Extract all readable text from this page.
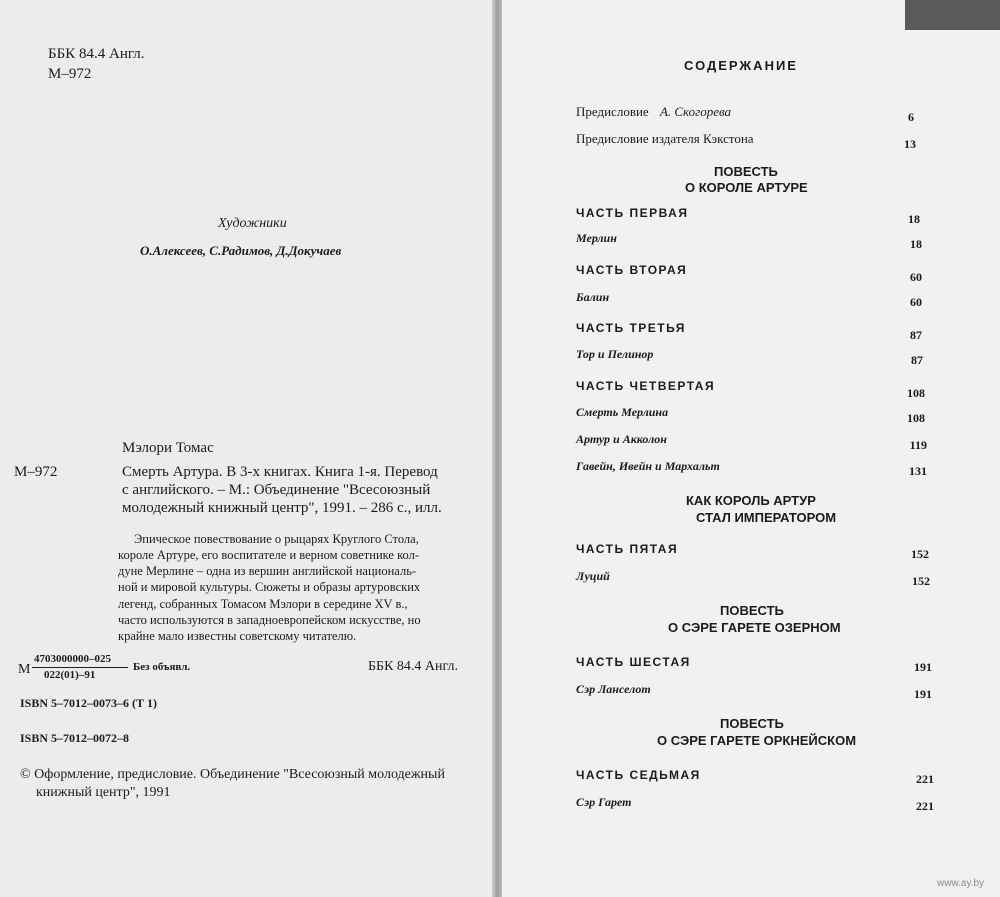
ББК 84.4 Англ.
М–972
Художники
О.Алексеев, С.Радимов, Д.Докучаев
Мэлори Томас
М–972	Смерть Артура. В 3-х книгах. Книга 1-я. Перевод
с английского. – М.: Объединение "Всесоюзный
молодежный книжный центр", 1991. – 286 с., илл.
Эпическое повествование о рыцарях Круглого Стола,
короле Артуре, его воспитателе и верном советнике кол-
дуне Мерлине – одна из вершин английской националь-
ной и мировой культуры. Сюжеты и образы артуровских
легенд, собранных Томасом Мэлори в середине XV в.,
часто используются в западноевропейском искусстве, но
крайне мало известны советскому читателю.
М
4703000000–025
022(01)–91
Без объявл.	ББК 84.4 Англ.
ISBN 5–7012–0073–6 (Т 1)
ISBN 5–7012–0072–8
© Оформление, предисловие. Объединение "Всесоюзный молодежный
книжный центр", 1991
СОДЕРЖАНИЕ
Предисловие А. Скогорева	6
Предисловие издателя Кэкстона	13
ПОВЕСТЬ
О КОРОЛЕ АРТУРЕ
ЧАСТЬ ПЕРВАЯ	18
Мерлин	18
ЧАСТЬ ВТОРАЯ	60
Балин	60
ЧАСТЬ ТРЕТЬЯ	87
Тор и Пелинор	87
ЧАСТЬ ЧЕТВЕРТАЯ	108
Смерть Мерлина	108
Артур и Акколон	119
Гавейн, Ивейн и Мархальт	131
КАК КОРОЛЬ АРТУР
СТАЛ ИМПЕРАТОРОМ
ЧАСТЬ ПЯТАЯ	152
Луций	152
ПОВЕСТЬ
О СЭРЕ ГАРЕТЕ ОЗЕРНОМ
ЧАСТЬ ШЕСТАЯ	191
Сэр Ланселот	191
ПОВЕСТЬ
О СЭРЕ ГАРЕТЕ ОРКНЕЙСКОМ
ЧАСТЬ СЕДЬМАЯ	221
Сэр Гарет	221
www.ay.by
